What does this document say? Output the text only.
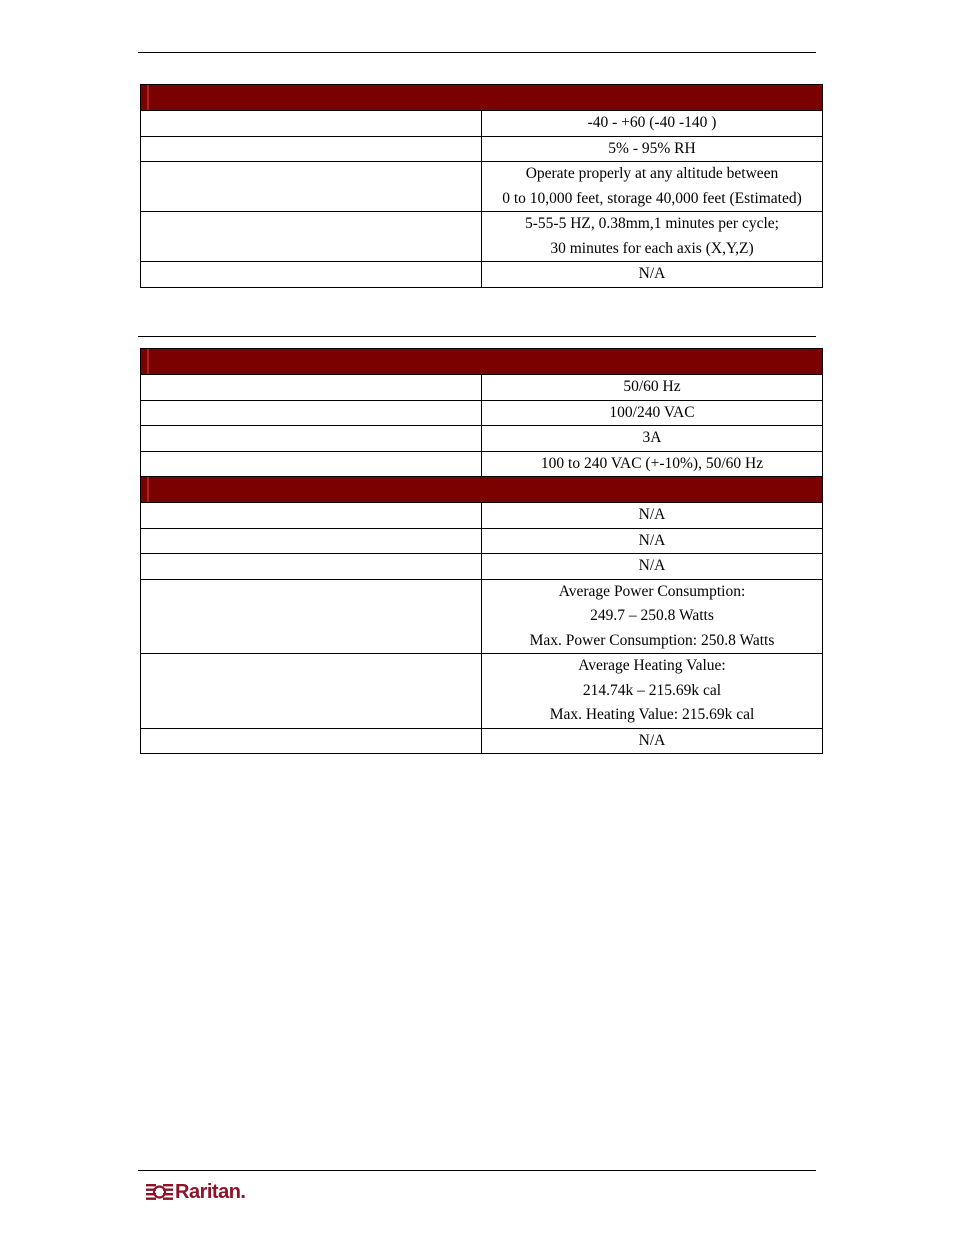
	-40 - +60 (-40 -140 )

	5% - 95% RH

	Operate properly at any altitude between
0 to 10,000 feet, storage 40,000 feet (Estimated)

	5-55-5 HZ, 0.38mm,1 minutes per cycle;
30 minutes for each axis (X,Y,Z)

	N/A

	50/60 Hz

	100/240 VAC

	3A

	100 to 240 VAC (+-10%), 50/60 Hz

	N/A

	N/A

	N/A

	Average Power Consumption:
249.7 – 250.8 Watts
Max. Power Consumption: 250.8 Watts

	Average Heating Value:
214.74k – 215.69k cal
Max. Heating Value: 215.69k cal

	N/A
Raritan .
